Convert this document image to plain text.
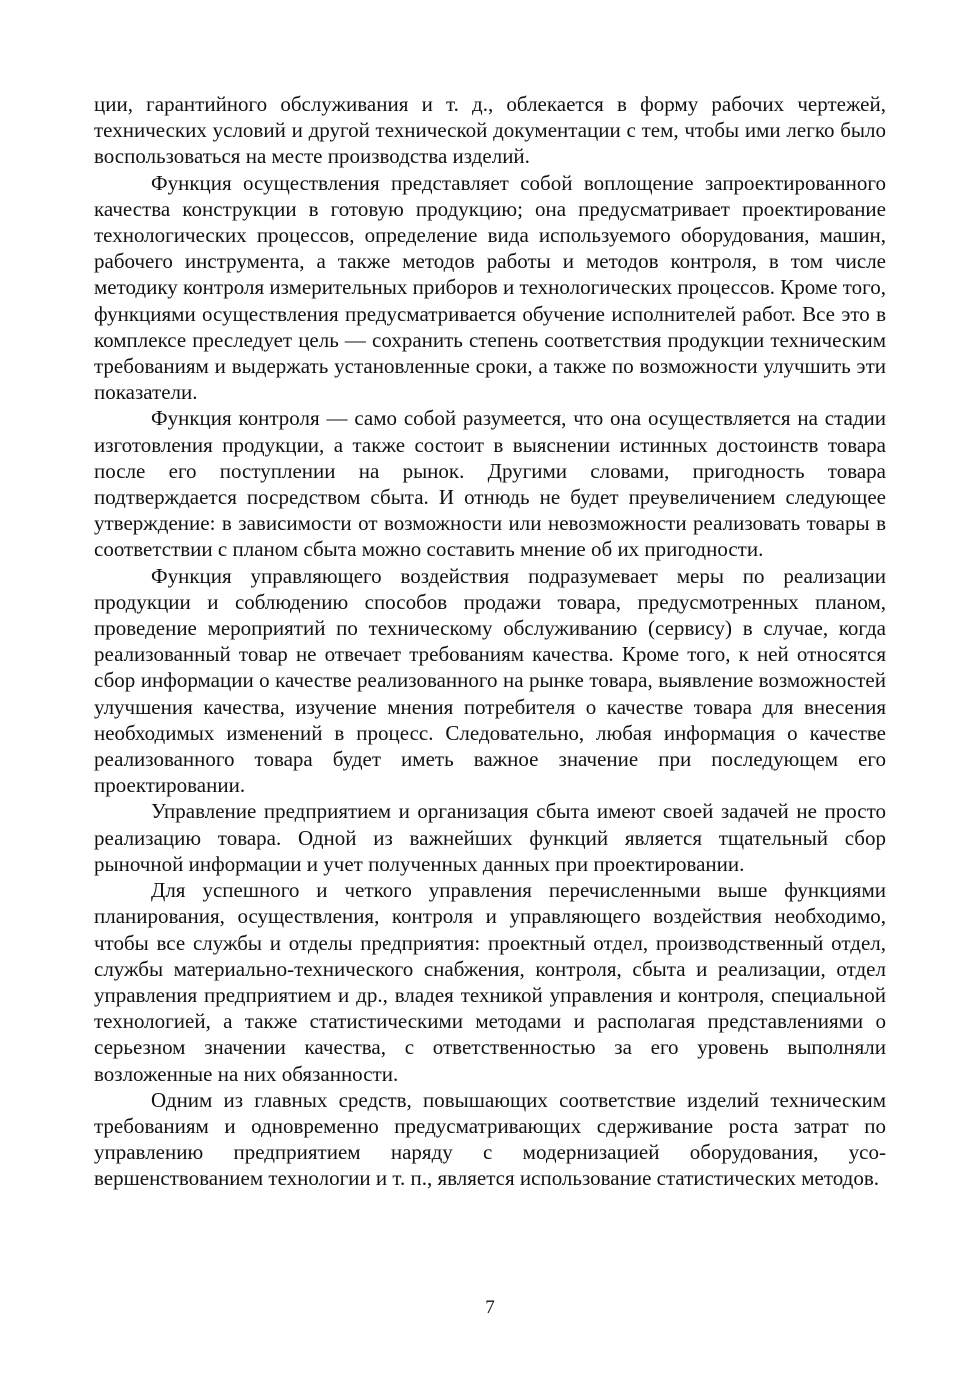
ции, гарантийного обслуживания и т. д., облекается в форму рабочих чертежей, технических условий и другой технической документации с тем, чтобы ими легко было воспользоваться на месте производства изделий.

Функция осуществления представляет собой воплощение запроектированного качества конструкции в готовую продукцию; она предусматривает проектирование технологических процессов, определение вида используемого оборудования, машин, рабочего инструмента, а также методов работы и методов контроля, в том числе методику контроля измерительных приборов и технологических процессов. Кроме того, функциями осуществления предусматривается обучение исполнителей работ. Все это в комплексе преследует цель — сохранить степень соответствия продукции техническим требованиям и выдержать установленные сроки, а также по возможности улучшить эти показатели.

Функция контроля — само собой разумеется, что она осуществляется на стадии изготовления продукции, а также состоит в выяснении истинных достоинств товара после его поступлении на рынок. Другими словами, пригодность товара подтверждается посредством сбыта. И отнюдь не будет преувеличением следующее утверждение: в зависимости от возможности или невозможности реализовать товары в соответствии с планом сбыта можно составить мнение об их пригодности.

Функция управляющего воздействия подразумевает меры по реализации продукции и соблюдению способов продажи товара, предусмотренных планом, проведение мероприятий по техническому обслуживанию (сервису) в случае, когда реализованный товар не отвечает требованиям качества. Кроме того, к ней относятся сбор информации о качестве реализованного на рынке товара, выявление возможностей улучшения качества, изучение мнения потребителя о качестве товара для внесения необходимых изменений в процесс. Следовательно, любая информация о качестве реализованного товара будет иметь важное значение при последующем его проектировании.

Управление предприятием и организация сбыта имеют своей задачей не просто реализацию товара. Одной из важнейших функций является тщательный сбор рыночной информации и учет полученных данных при проектировании.

Для успешного и четкого управления перечисленными выше функциями планирования, осуществления, контроля и управляющего воздействия необходимо, чтобы все службы и отделы предприятия: проектный отдел, производственный отдел, службы материально-технического снабжения, контроля, сбыта и реализации, отдел управления предприятием и др., владея техникой управления и контроля, специальной технологией, а также статистическими методами и располагая представлениями о серьезном значении качества, с ответственностью за его уровень выполняли возложенные на них обязанности.

Одним из главных средств, повышающих соответствие изделий техническим требованиям и одновременно предусматривающих сдерживание роста затрат по управлению предприятием наряду с модернизацией оборудования, усовершенствованием технологии и т. п., является использование статистических методов.

7
